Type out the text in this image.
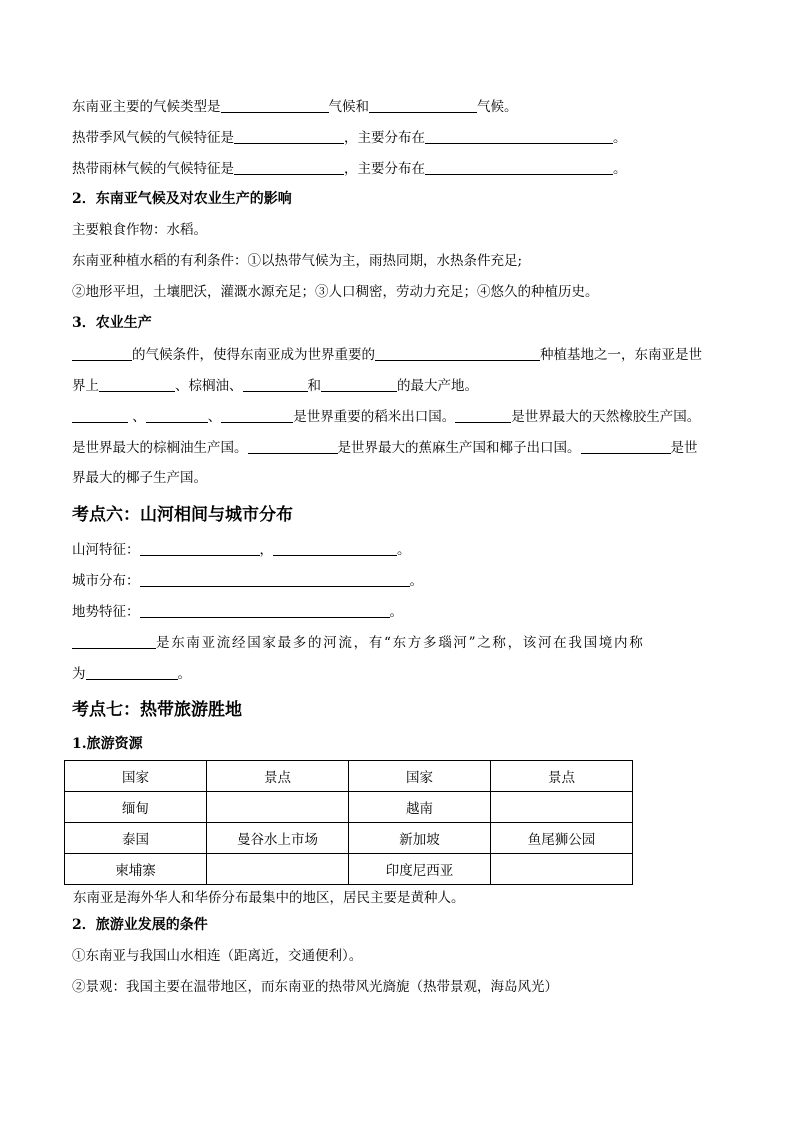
东南亚主要的气候类型是	气候和	气候。
热带季风气候的气候特征是	，主要分布在	。
热带雨林气候的气候特征是	，主要分布在	。
2．东南亚气候及对农业生产的影响
主要粮食作物：水稻。
东南亚种植水稻的有利条件：①以热带气候为主，雨热同期，水热条件充足;
②地形平坦，土壤肥沃，灌溉水源充足；③人口稠密，劳动力充足；④悠久的种植历史。
3．农业生产
的气候条件，使得东南亚成为世界重要的	种植基地之一，东南亚是世
界上	、棕榈油、	和	的最大产地。
、	、	是世界重要的稻米出口国。	是世界最大的天然橡胶生产国。
是世界最大的棕榈油生产国。	是世界最大的蕉麻生产国和椰子出口国。	是世
界最大的椰子生产国。
考点六：山河相间与城市分布
山河特征：	，	。
城市分布：	。
地势特征：	。
是东南亚流经国家最多的河流，有“东方多瑙河”之称，该河在我国境内称
为	。
考点七：热带旅游胜地
1.旅游资源
国家	景点	国家	景点
缅甸		越南	
泰国	曼谷水上市场	新加坡	鱼尾狮公园
柬埔寨		印度尼西亚	
东南亚是海外华人和华侨分布最集中的地区，居民主要是黄种人。
2．旅游业发展的条件
①东南亚与我国山水相连（距离近，交通便利）。
②景观：我国主要在温带地区，而东南亚的热带风光旖旎（热带景观，海岛风光）
